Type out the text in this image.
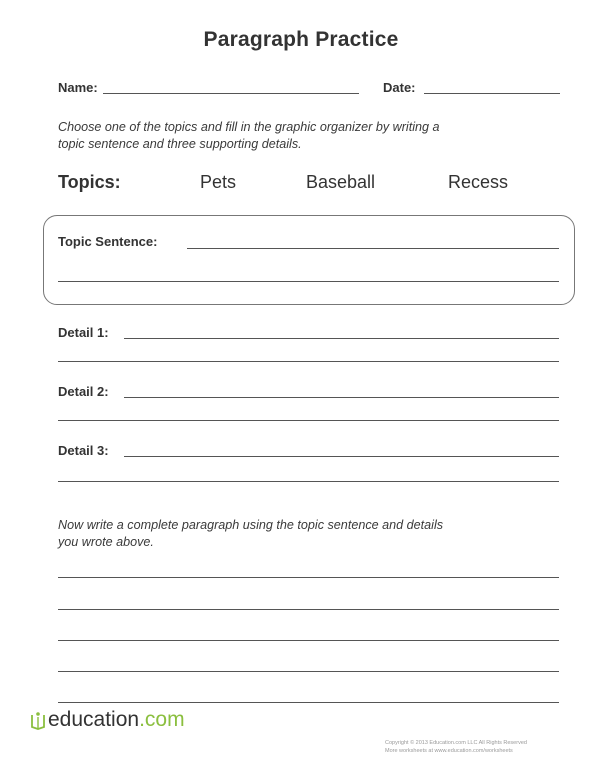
Paragraph Practice
Name:	Date:
Choose one of the topics and fill in the graphic organizer by writing a
topic sentence and three supporting details.
Topics:	Pets	Baseball	Recess
Topic Sentence:
Detail 1:
Detail 2:
Detail 3:
Now write a complete paragraph using the topic sentence and details
you wrote above.
education .com
Copyright © 2013 Education.com LLC All Rights Reserved
More worksheets at www.education.com/worksheets
